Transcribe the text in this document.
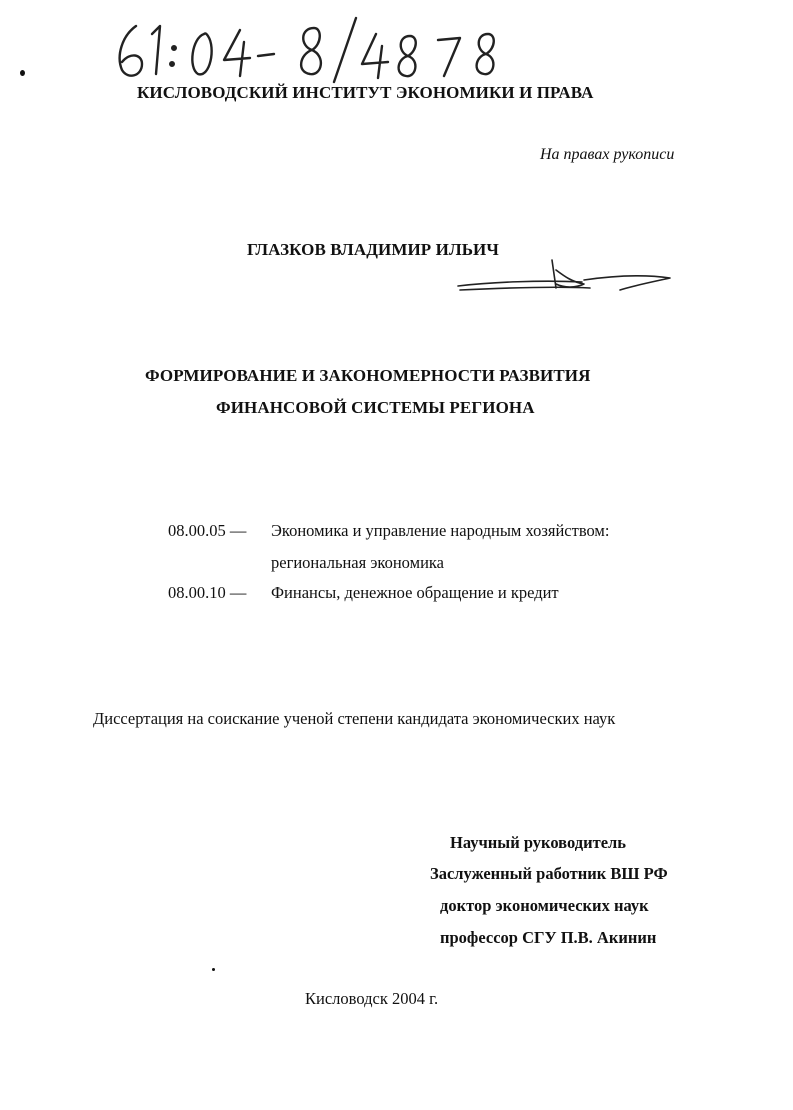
КИСЛОВОДСКИЙ ИНСТИТУТ ЭКОНОМИКИ И ПРАВА
На правах рукописи
ГЛАЗКОВ ВЛАДИМИР ИЛЬИЧ
ФОРМИРОВАНИЕ И ЗАКОНОМЕРНОСТИ РАЗВИТИЯ
ФИНАНСОВОЙ СИСТЕМЫ РЕГИОНА
08.00.05 — Экономика и управление народным хозяйством:
региональная экономика
08.00.10 — Финансы, денежное обращение и кредит
Диссертация на соискание ученой степени кандидата экономических наук
Научный руководитель
Заслуженный работник ВШ РФ
доктор экономических наук
профессор СГУ П.В. Акинин
Кисловодск 2004 г.
